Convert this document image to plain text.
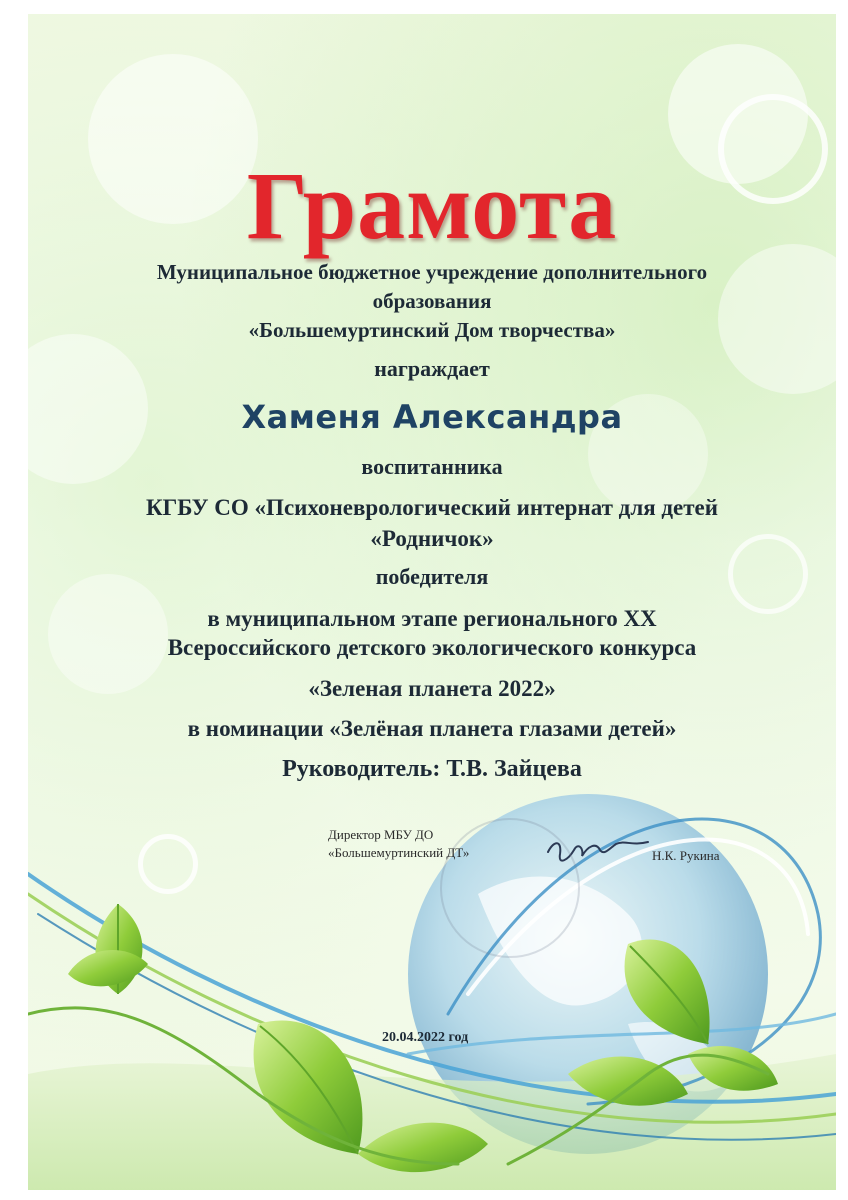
Грамота
Муниципальное бюджетное учреждение дополнительного
образования
«Большемуртинский Дом творчества»
награждает
Хаменя Александра
воспитанника
КГБУ СО «Психоневрологический интернат для детей
«Родничок»
победителя
в муниципальном этапе регионального XX
Всероссийского детского экологического конкурса
«Зеленая планета 2022»
в номинации «Зелёная планета глазами детей»
Руководитель: Т.В. Зайцева
Директор МБУ ДО
«Большемуртинский ДТ»	Н.К. Рукина
20.04.2022 год
